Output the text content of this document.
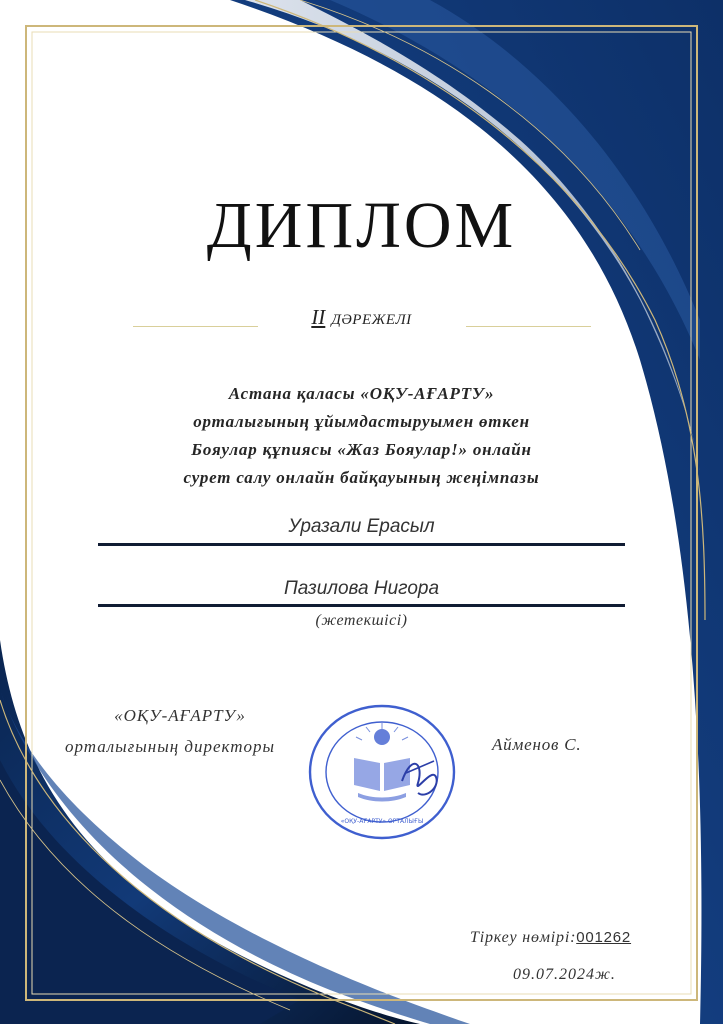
ДИПЛОМ
II ДӘРЕЖЕЛІ
Астана қаласы «ОҚУ-АҒАРТУ»
орталығының ұйымдастыруымен өткен
Бояулар құпиясы «Жаз Бояулар!» онлайн
сурет салу онлайн байқауының жеңімпазы
Уразали Ерасыл
Пазилова Нигора
(жетекшісі)
«ОҚУ-АҒАРТУ»
орталығының директоры
«ОҚУ-АҒАРТУ» ОРТАЛЫҒЫ
Айменов С.
Тіркеу нөмірі:001262
09.07.2024ж.
